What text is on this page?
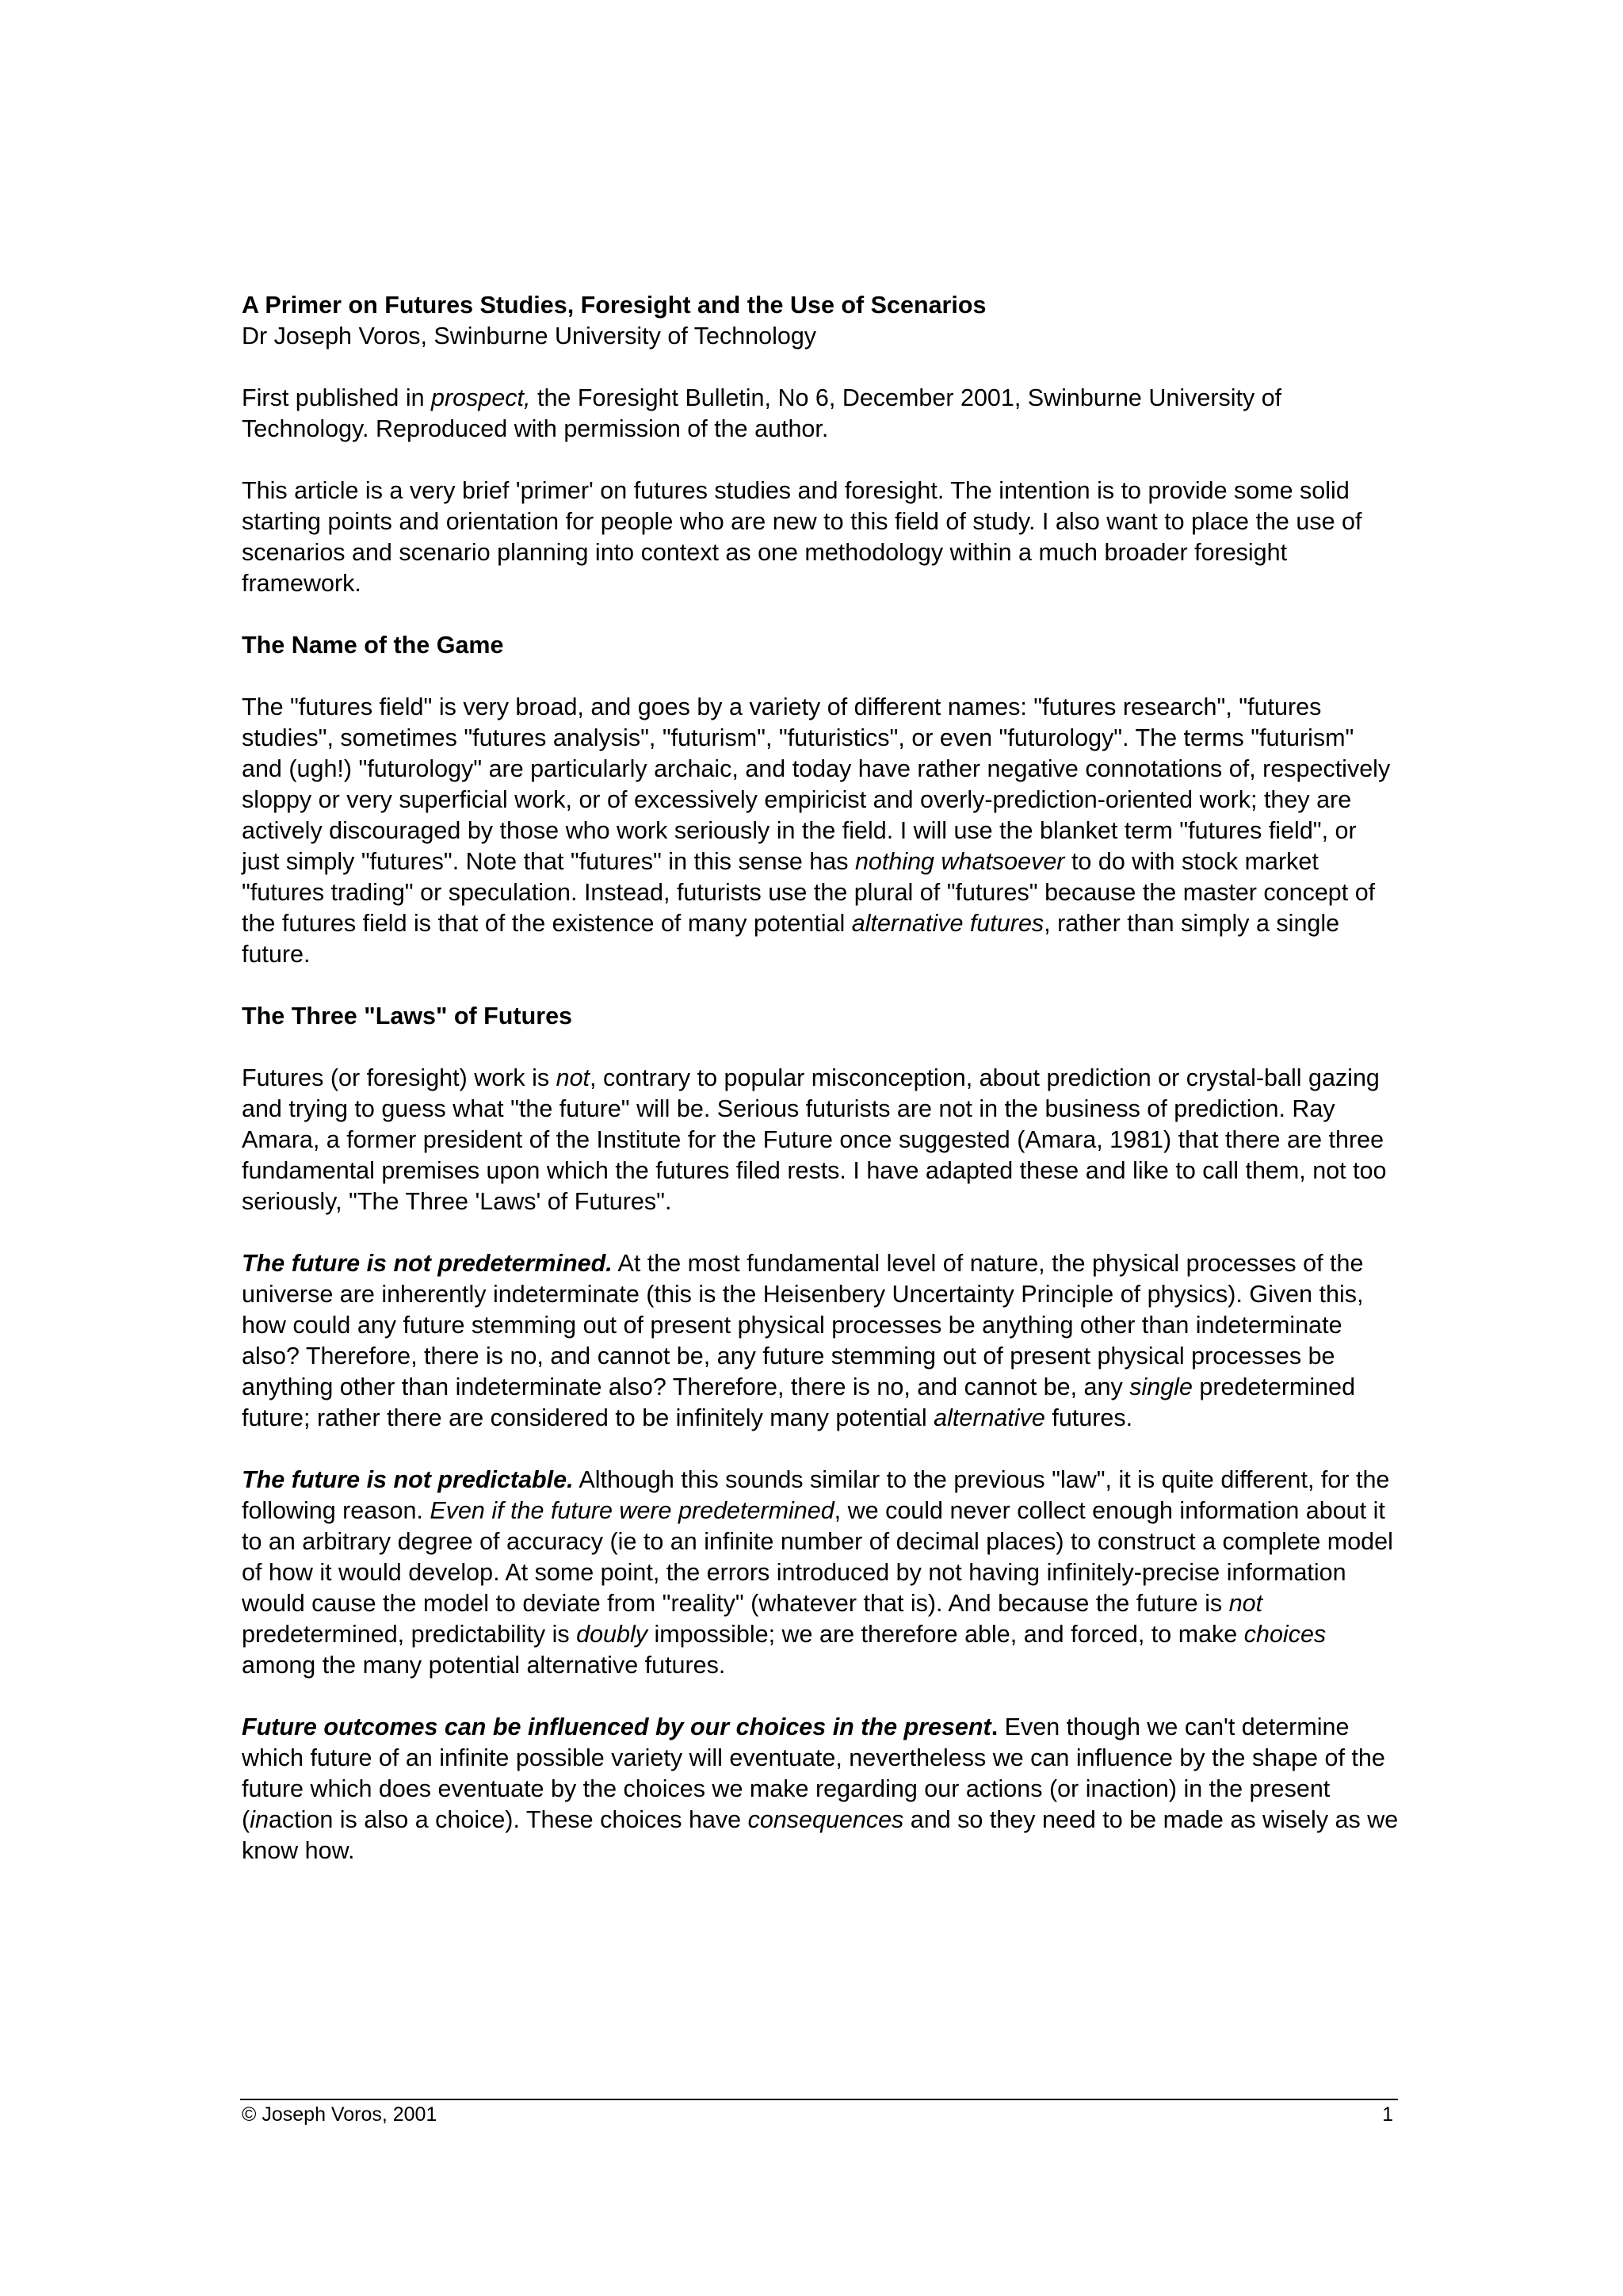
A Primer on Futures Studies, Foresight and the Use of Scenarios

Dr Joseph Voros, Swinburne University of Technology

First published in prospect, the Foresight Bulletin, No 6, December 2001, Swinburne University of Technology. Reproduced with permission of the author.

This article is a very brief 'primer' on futures studies and foresight. The intention is to provide some solid starting points and orientation for people who are new to this field of study. I also want to place the use of scenarios and scenario planning into context as one methodology within a much broader foresight framework.

The Name of the Game

The "futures field" is very broad, and goes by a variety of different names: "futures research", "futures studies", sometimes "futures analysis", "futurism", "futuristics", or even "futurology". The terms "futurism" and (ugh!) "futurology" are particularly archaic, and today have rather negative connotations of, respectively sloppy or very superficial work, or of excessively empiricist and overly-prediction-oriented work; they are actively discouraged by those who work seriously in the field. I will use the blanket term "futures field", or just simply "futures". Note that "futures" in this sense has nothing whatsoever to do with stock market "futures trading" or speculation. Instead, futurists use the plural of "futures" because the master concept of the futures field is that of the existence of many potential alternative futures, rather than simply a single future.

The Three "Laws" of Futures

Futures (or foresight) work is not, contrary to popular misconception, about prediction or crystal-ball gazing and trying to guess what "the future" will be. Serious futurists are not in the business of prediction. Ray Amara, a former president of the Institute for the Future once suggested (Amara, 1981) that there are three fundamental premises upon which the futures filed rests. I have adapted these and like to call them, not too seriously, "The Three 'Laws' of Futures".

The future is not predetermined. At the most fundamental level of nature, the physical processes of the universe are inherently indeterminate (this is the Heisenbery Uncertainty Principle of physics). Given this, how could any future stemming out of present physical processes be anything other than indeterminate also? Therefore, there is no, and cannot be, any future stemming out of present physical processes be anything other than indeterminate also? Therefore, there is no, and cannot be, any single predetermined future; rather there are considered to be infinitely many potential alternative futures.

The future is not predictable. Although this sounds similar to the previous "law", it is quite different, for the following reason. Even if the future were predetermined, we could never collect enough information about it to an arbitrary degree of accuracy (ie to an infinite number of decimal places) to construct a complete model of how it would develop. At some point, the errors introduced by not having infinitely-precise information would cause the model to deviate from "reality" (whatever that is). And because the future is not predetermined, predictability is doubly impossible; we are therefore able, and forced, to make choices among the many potential alternative futures.

Future outcomes can be influenced by our choices in the present. Even though we can't determine which future of an infinite possible variety will eventuate, nevertheless we can influence by the shape of the future which does eventuate by the choices we make regarding our actions (or inaction) in the present (inaction is also a choice). These choices have consequences and so they need to be made as wisely as we know how.

© Joseph Voros, 2001	1
